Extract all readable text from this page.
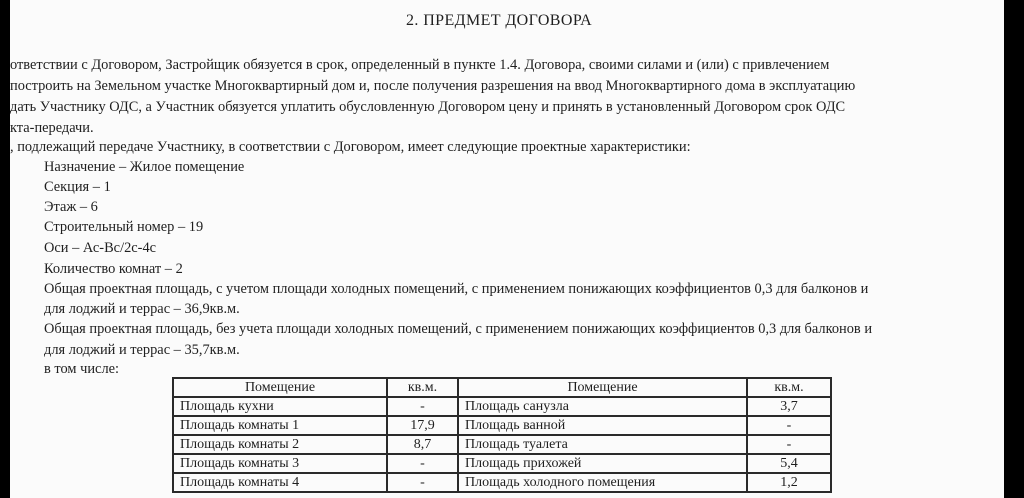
2. ПРЕДМЕТ ДОГОВОРА
ответствии с Договором, Застройщик обязуется в срок, определенный в пункте 1.4. Договора, своими силами и (или) с привлечением
построить на Земельном участке Многоквартирный дом и, после получения разрешения на ввод Многоквартирного дома в эксплуатацию
дать Участнику ОДС, а Участник обязуется уплатить обусловленную Договором цену и принять в установленный Договором срок ОДС
кта-передачи.
, подлежащий передаче Участнику, в соответствии с Договором, имеет следующие проектные характеристики:
Назначение – Жилое помещение
Секция – 1
Этаж – 6
Строительный номер – 19
Оси – Ас-Вс/2с-4с
Количество комнат – 2
Общая проектная площадь, с учетом площади холодных помещений, с применением понижающих коэффициентов 0,3 для балконов и
для лоджий и террас – 36,9кв.м.
Общая проектная площадь, без учета площади холодных помещений, с применением понижающих коэффициентов 0,3 для балконов и
для лоджий и террас – 35,7кв.м.
в том числе:
Помещение	кв.м.	Помещение	кв.м.
Площадь кухни	-	Площадь санузла	3,7
Площадь комнаты 1	17,9	Площадь ванной	-
Площадь комнаты 2	8,7	Площадь туалета	-
Площадь комнаты 3	-	Площадь прихожей	5,4
Площадь комнаты 4	-	Площадь холодного помещения	1,2
